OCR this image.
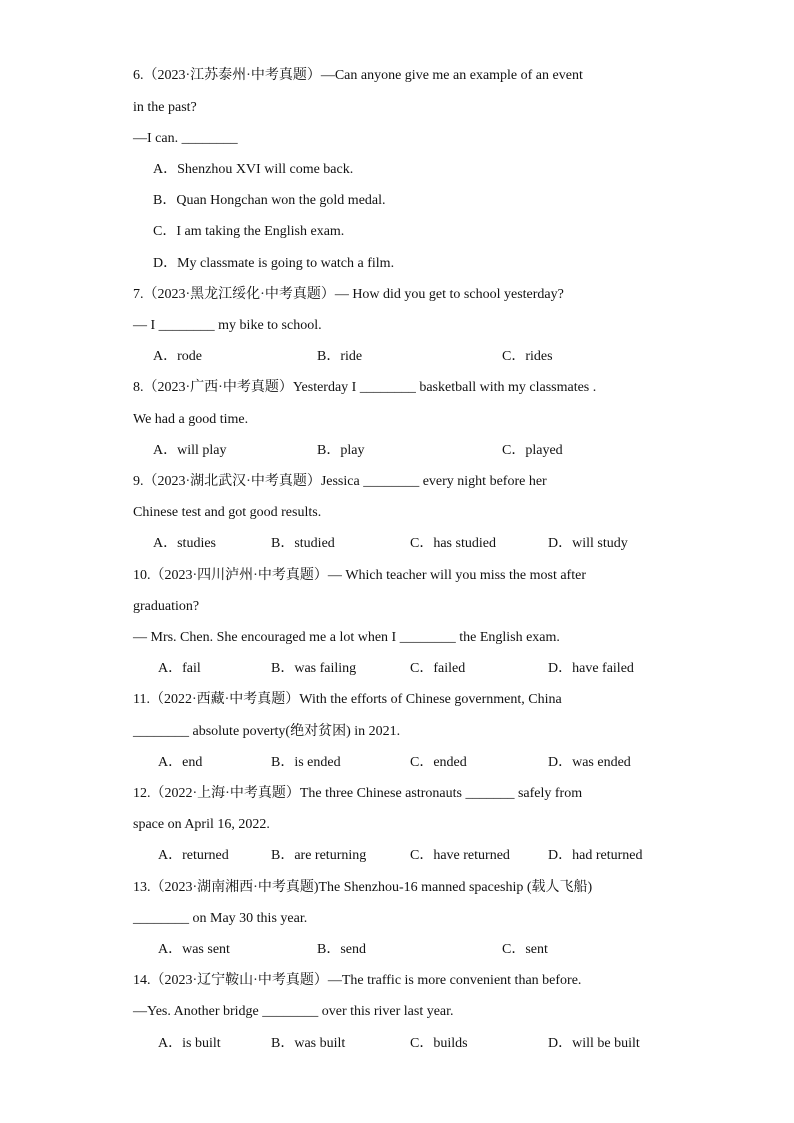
6.（2023·江苏泰州·中考真题）—Can anyone give me an example of an event
in the past?
—I can. ________
A．Shenzhou XVI will come back.
B．Quan Hongchan won the gold medal.
C．I am taking the English exam.
D．My classmate is going to watch a film.
7.（2023·黑龙江绥化·中考真题）— How did you get to school yesterday?
— I ________ my bike to school.
A．rode	B．ride	C．rides
8.（2023·广西·中考真题）Yesterday I ________ basketball with my classmates .
We had a good time.
A．will play	B．play	C．played
9.（2023·湖北武汉·中考真题）Jessica ________ every night before her
Chinese test and got good results.
A．studies	B．studied	C．has studied	D．will study
10.（2023·四川泸州·中考真题）— Which teacher will you miss the most after
graduation?
— Mrs. Chen. She encouraged me a lot when I ________ the English exam.
A．fail	B．was failing	C．failed	D．have failed
11.（2022·西藏·中考真题）With the efforts of Chinese government, China
________ absolute poverty(绝对贫困) in 2021.
A．end	B．is ended	C．ended	D．was ended
12.（2022·上海·中考真题）The three Chinese astronauts _______ safely from
space on April 16, 2022.
A．returned	B．are returning	C．have returned	D．had returned
13.（2023·湖南湘西·中考真题)The Shenzhou-16 manned spaceship (载人飞船)
________ on May 30 this year.
A．was sent	B．send	C．sent
14.（2023·辽宁鞍山·中考真题）—The traffic is more convenient than before.
—Yes. Another bridge ________ over this river last year.
A．is built	B．was built	C．builds	D．will be built
